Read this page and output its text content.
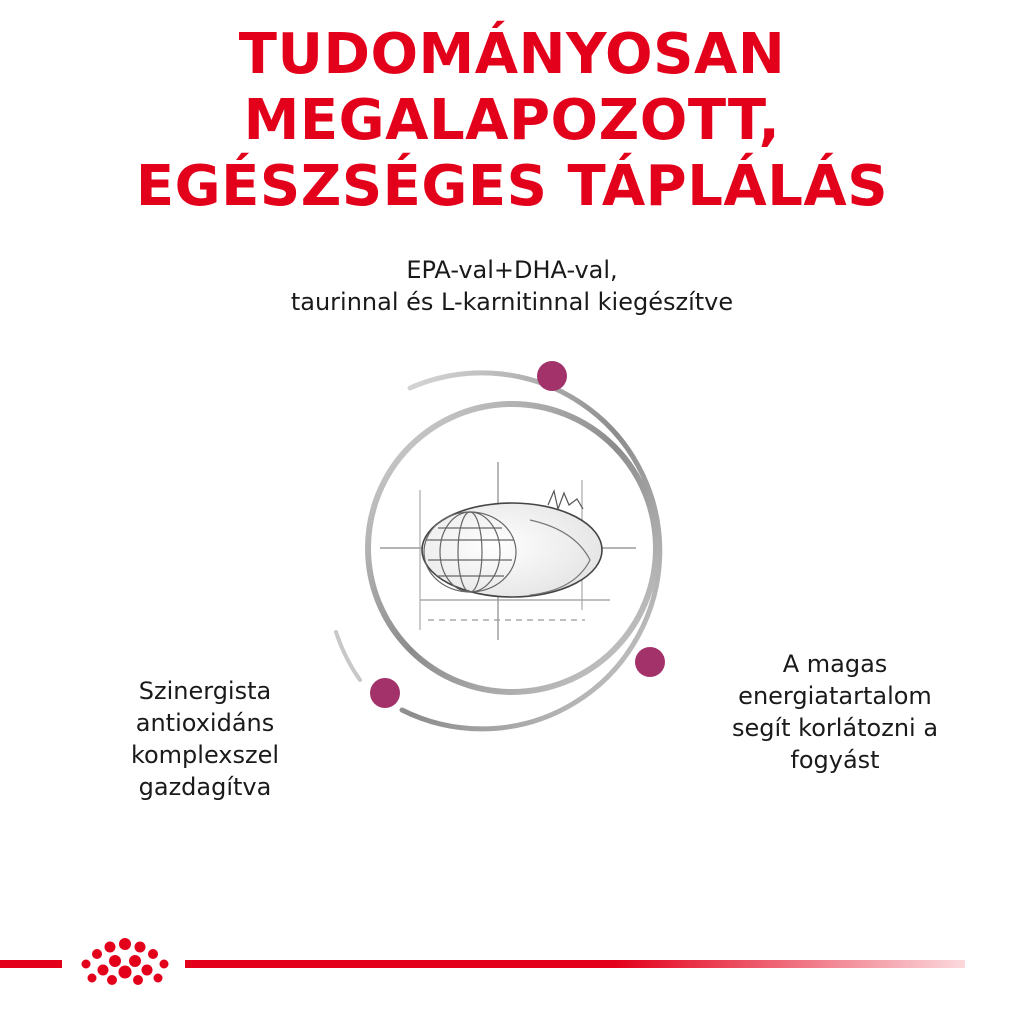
TUDOMÁNYOSAN MEGALAPOZOTT,
EGÉSZSÉGES TÁPLÁLÁS

EPA-val+DHA-val,
taurinnal és L-karnitinnal kiegészítve

Szinergista
antioxidáns
komplexszel
gazdagítva

A magas
energiatartalom
segít korlátozni a
fogyást
